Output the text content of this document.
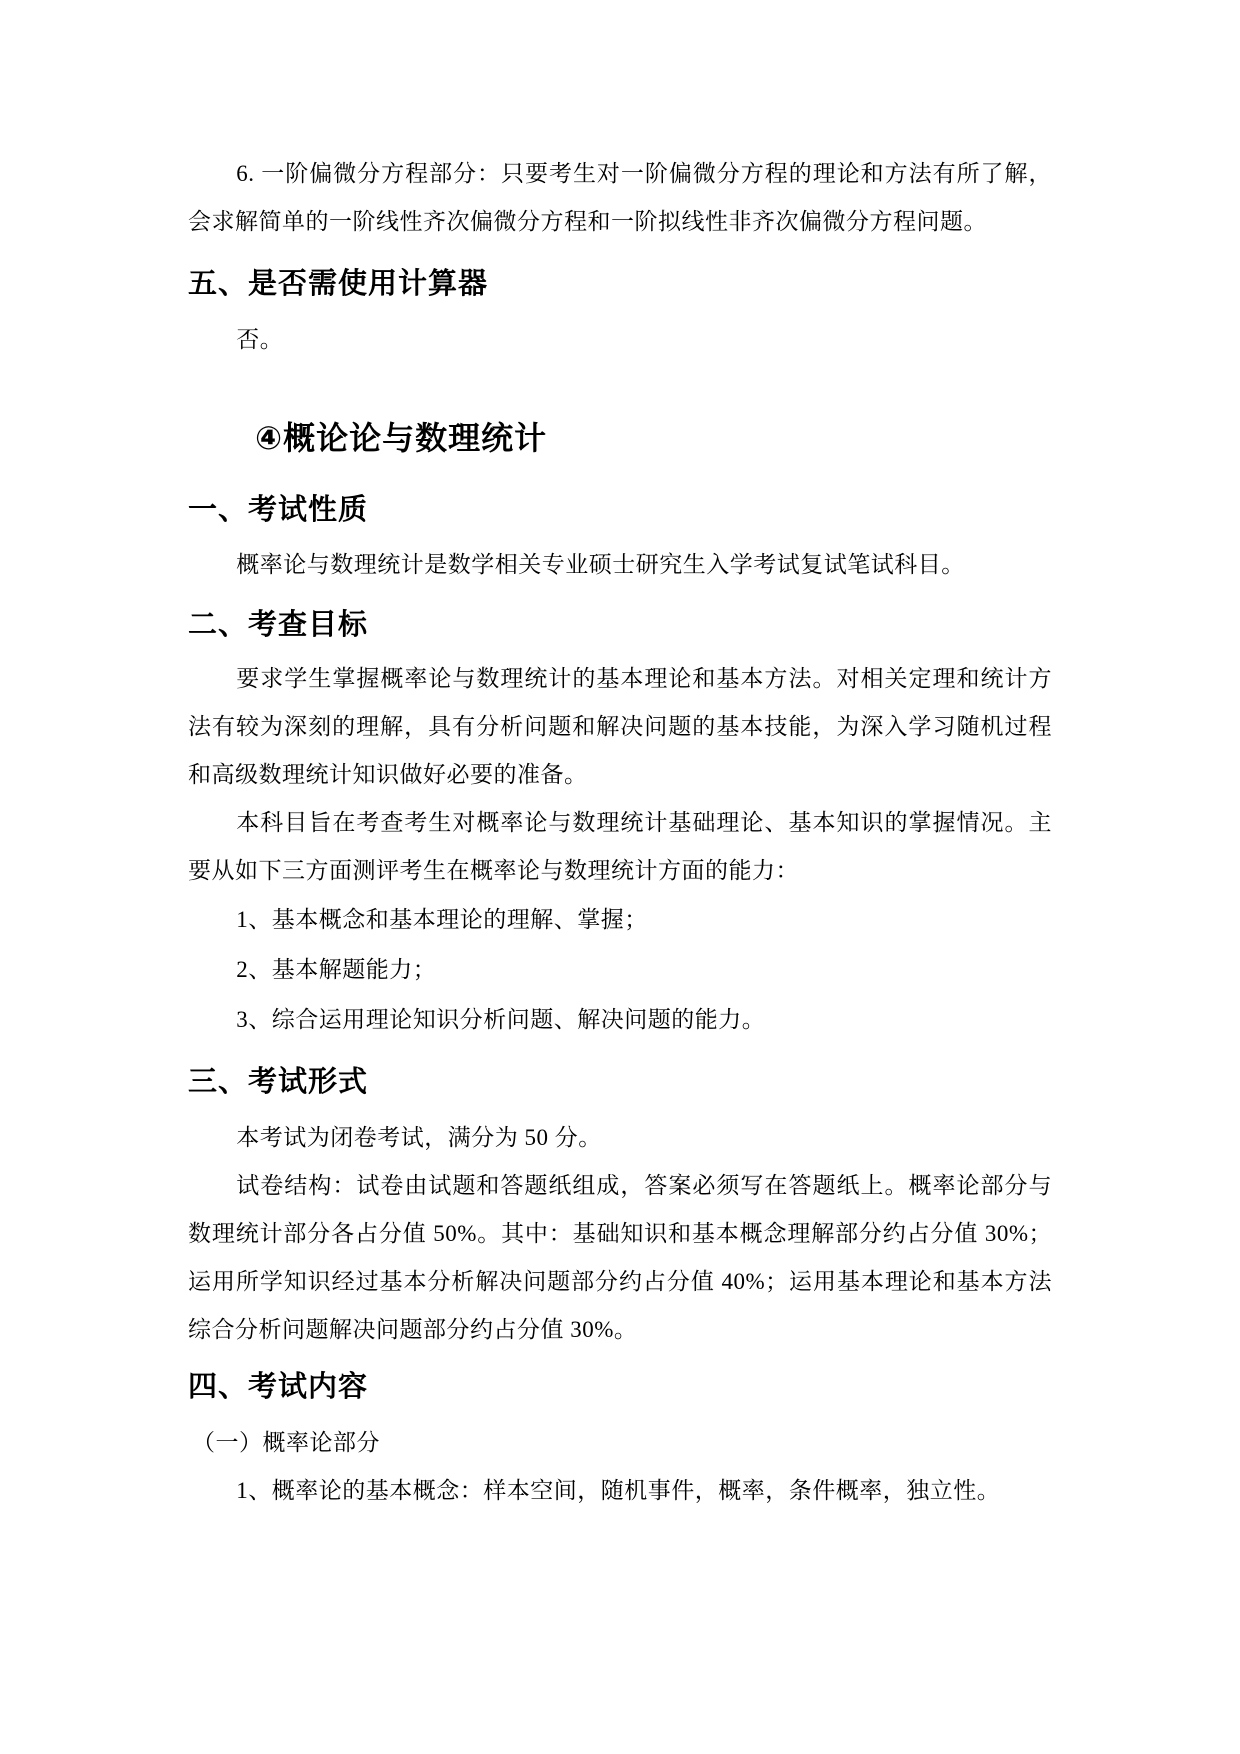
6. 一阶偏微分方程部分：只要考生对一阶偏微分方程的理论和方法有所了解，会求解简单的一阶线性齐次偏微分方程和一阶拟线性非齐次偏微分方程问题。

五、是否需使用计算器

否。

④概论论与数理统计
一、考试性质

概率论与数理统计是数学相关专业硕士研究生入学考试复试笔试科目。

二、考查目标

要求学生掌握概率论与数理统计的基本理论和基本方法。对相关定理和统计方法有较为深刻的理解，具有分析问题和解决问题的基本技能，为深入学习随机过程和高级数理统计知识做好必要的准备。

本科目旨在考查考生对概率论与数理统计基础理论、基本知识的掌握情况。主要从如下三方面测评考生在概率论与数理统计方面的能力：

1、基本概念和基本理论的理解、掌握；

2、基本解题能力；

3、综合运用理论知识分析问题、解决问题的能力。

三、考试形式

本考试为闭卷考试，满分为 50 分。

试卷结构：试卷由试题和答题纸组成，答案必须写在答题纸上。概率论部分与数理统计部分各占分值 50%。其中：基础知识和基本概念理解部分约占分值 30%；运用所学知识经过基本分析解决问题部分约占分值 40%；运用基本理论和基本方法综合分析问题解决问题部分约占分值 30%。

四、考试内容

（一）概率论部分

1、概率论的基本概念：样本空间，随机事件，概率，条件概率，独立性。
